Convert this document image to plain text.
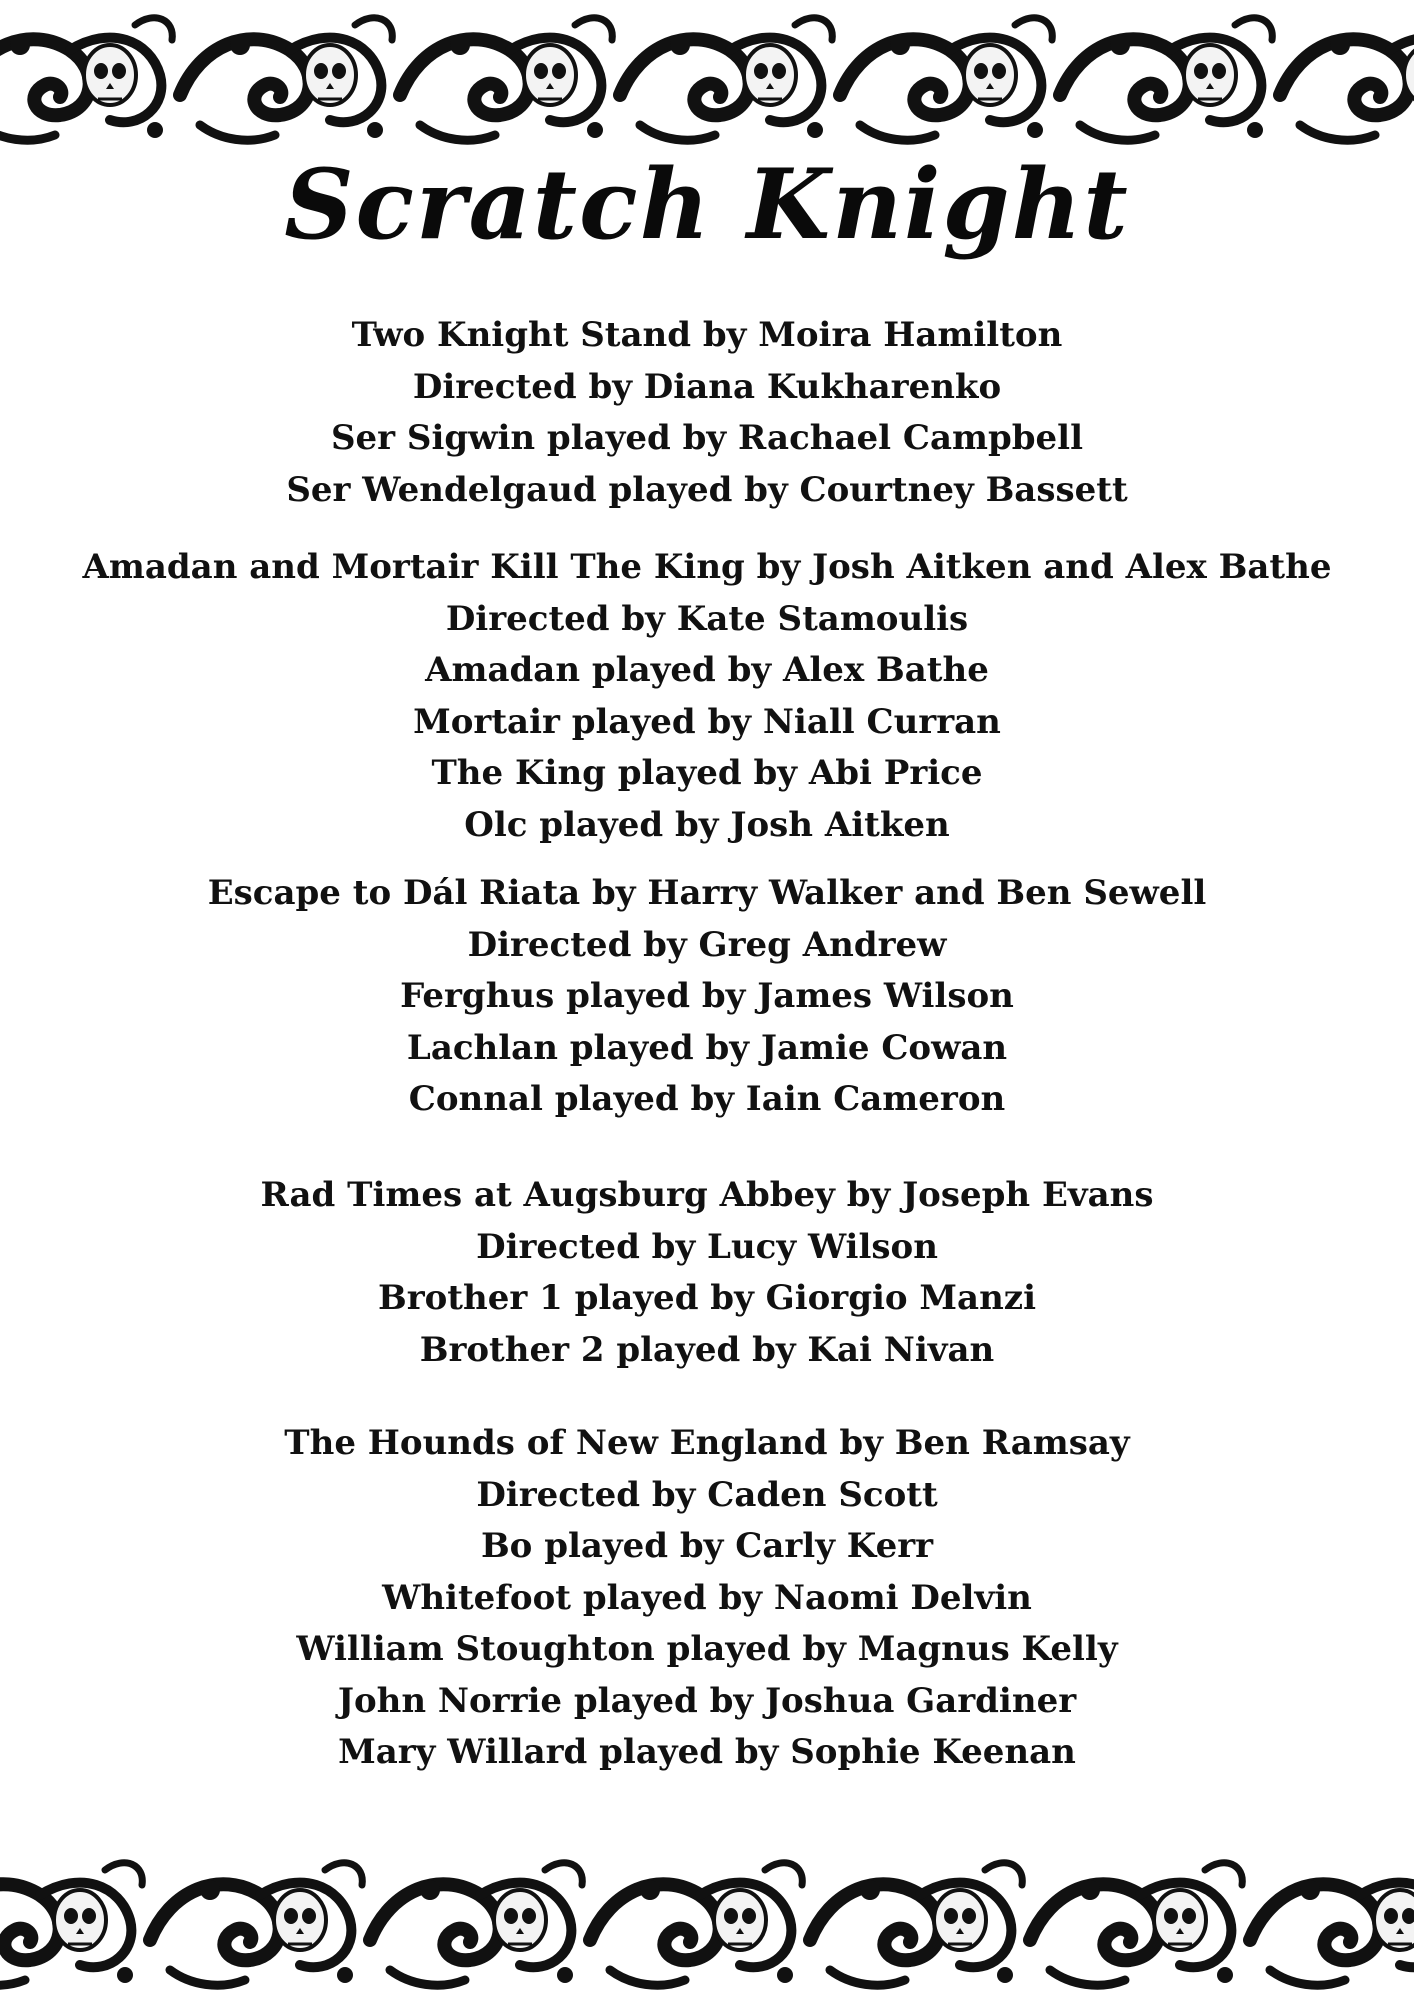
Scratch Knight
Two Knight Stand by Moira Hamilton
Directed by Diana Kukharenko
Ser Sigwin played by Rachael Campbell
Ser Wendelgaud played by Courtney Bassett
Amadan and Mortair Kill The King by Josh Aitken and Alex Bathe
Directed by Kate Stamoulis
Amadan played by Alex Bathe
Mortair played by Niall Curran
The King played by Abi Price
Olc played by Josh Aitken
Escape to Dál Riata by Harry Walker and Ben Sewell
Directed by Greg Andrew
Ferghus played by James Wilson
Lachlan played by Jamie Cowan
Connal played by Iain Cameron
Rad Times at Augsburg Abbey by Joseph Evans
Directed by Lucy Wilson
Brother 1 played by Giorgio Manzi
Brother 2 played by Kai Nivan
The Hounds of New England by Ben Ramsay
Directed by Caden Scott
Bo played by Carly Kerr
Whitefoot played by Naomi Delvin
William Stoughton played by Magnus Kelly
John Norrie played by Joshua Gardiner
Mary Willard played by Sophie Keenan
